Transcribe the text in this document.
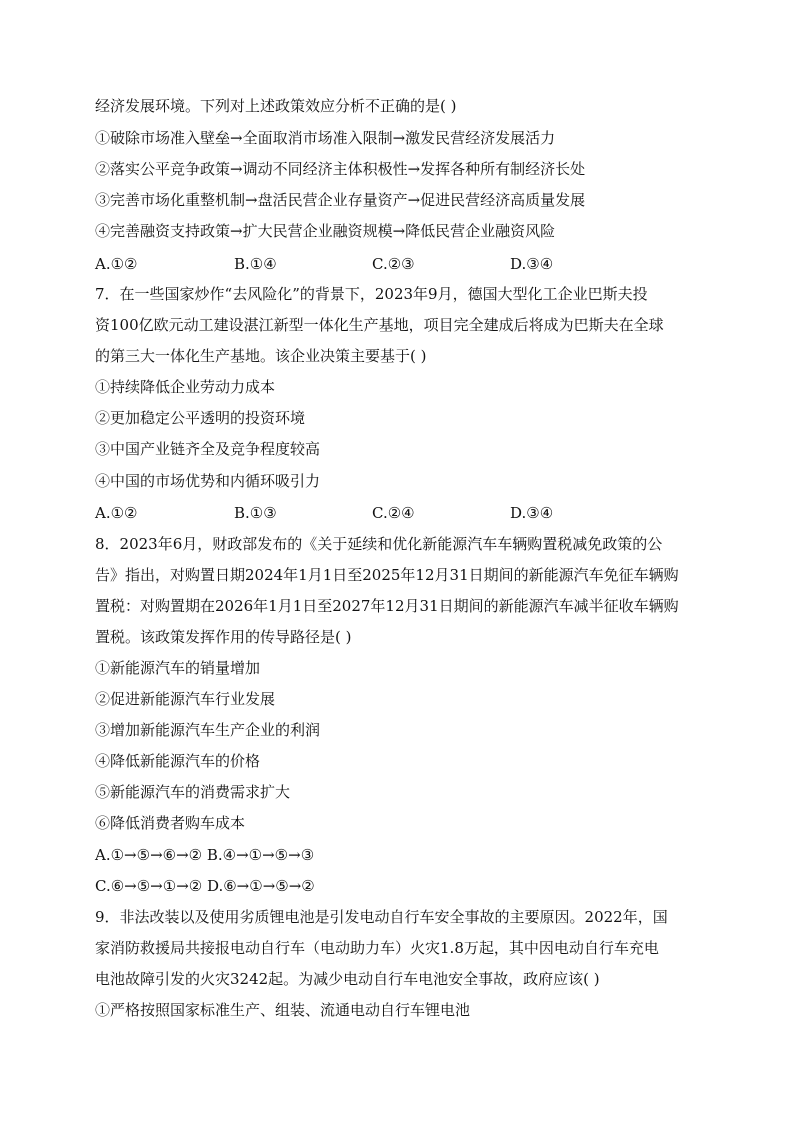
经济发展环境。下列对上述政策效应分析不正确的是( )
①破除市场准入壁垒→全面取消市场准入限制→激发民营经济发展活力
②落实公平竞争政策→调动不同经济主体积极性→发挥各种所有制经济长处
③完善市场化重整机制→盘活民营企业存量资产→促进民营经济高质量发展
④完善融资支持政策→扩大民营企业融资规模→降低民营企业融资风险
A.①②	B.①④	C.②③	D.③④
7．在一些国家炒作“去风险化”的背景下，2023年9月，德国大型化工企业巴斯夫投
资100亿欧元动工建设湛江新型一体化生产基地，项目完全建成后将成为巴斯夫在全球
的第三大一体化生产基地。该企业决策主要基于( )
①持续降低企业劳动力成本
②更加稳定公平透明的投资环境
③中国产业链齐全及竞争程度较高
④中国的市场优势和内循环吸引力
A.①②	B.①③	C.②④	D.③④
8．2023年6月，财政部发布的《关于延续和优化新能源汽车车辆购置税减免政策的公
告》指出，对购置日期2024年1月1日至2025年12月31日期间的新能源汽车免征车辆购
置税：对购置期在2026年1月1日至2027年12月31日期间的新能源汽车减半征收车辆购
置税。该政策发挥作用的传导路径是( )
①新能源汽车的销量增加
②促进新能源汽车行业发展
③增加新能源汽车生产企业的利润
④降低新能源汽车的价格
⑤新能源汽车的消费需求扩大
⑥降低消费者购车成本
A.①→⑤→⑥→② B.④→①→⑤→③
C.⑥→⑤→①→② D.⑥→①→⑤→②
9．非法改装以及使用劣质锂电池是引发电动自行车安全事故的主要原因。2022年，国
家消防救援局共接报电动自行车（电动助力车）火灾1.8万起，其中因电动自行车充电
电池故障引发的火灾3242起。为减少电动自行车电池安全事故，政府应该( )
①严格按照国家标准生产、组装、流通电动自行车锂电池
